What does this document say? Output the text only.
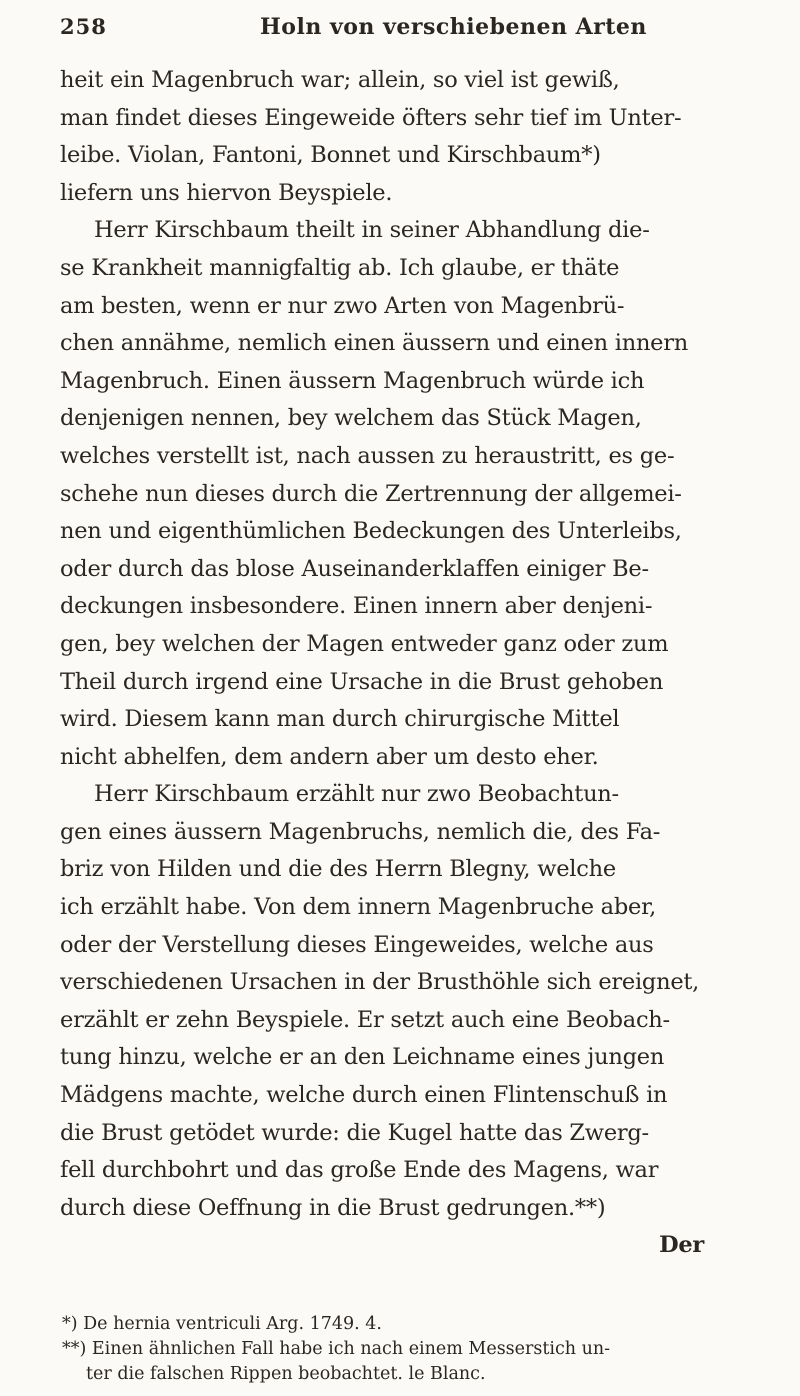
258	Holn von verschiebenen Arten
heit ein Magenbruch war; allein, so viel ist gewiß,
man findet dieses Eingeweide öfters sehr tief im Unter-
leibe. Violan, Fantoni, Bonnet und Kirschbaum*)
liefern uns hiervon Beyspiele.
Herr Kirschbaum theilt in seiner Abhandlung die-
se Krankheit mannigfaltig ab. Ich glaube, er thäte
am besten, wenn er nur zwo Arten von Magenbrü-
chen annähme, nemlich einen äussern und einen innern
Magenbruch. Einen äussern Magenbruch würde ich
denjenigen nennen, bey welchem das Stück Magen,
welches verstellt ist, nach aussen zu heraustritt, es ge-
schehe nun dieses durch die Zertrennung der allgemei-
nen und eigenthümlichen Bedeckungen des Unterleibs,
oder durch das blose Auseinanderklaffen einiger Be-
deckungen insbesondere. Einen innern aber denjeni-
gen, bey welchen der Magen entweder ganz oder zum
Theil durch irgend eine Ursache in die Brust gehoben
wird. Diesem kann man durch chirurgische Mittel
nicht abhelfen, dem andern aber um desto eher.
Herr Kirschbaum erzählt nur zwo Beobachtun-
gen eines äussern Magenbruchs, nemlich die, des Fa-
briz von Hilden und die des Herrn Blegny, welche
ich erzählt habe. Von dem innern Magenbruche aber,
oder der Verstellung dieses Eingeweides, welche aus
verschiedenen Ursachen in der Brusthöhle sich ereignet,
erzählt er zehn Beyspiele. Er setzt auch eine Beobach-
tung hinzu, welche er an den Leichname eines jungen
Mädgens machte, welche durch einen Flintenschuß in
die Brust getödet wurde: die Kugel hatte das Zwerg-
fell durchbohrt und das große Ende des Magens, war
durch diese Oeffnung in die Brust gedrungen.**)
Der
*) De hernia ventriculi Arg. 1749. 4.
**) Einen ähnlichen Fall habe ich nach einem Messerstich un-
ter die falschen Rippen beobachtet. le Blanc.
